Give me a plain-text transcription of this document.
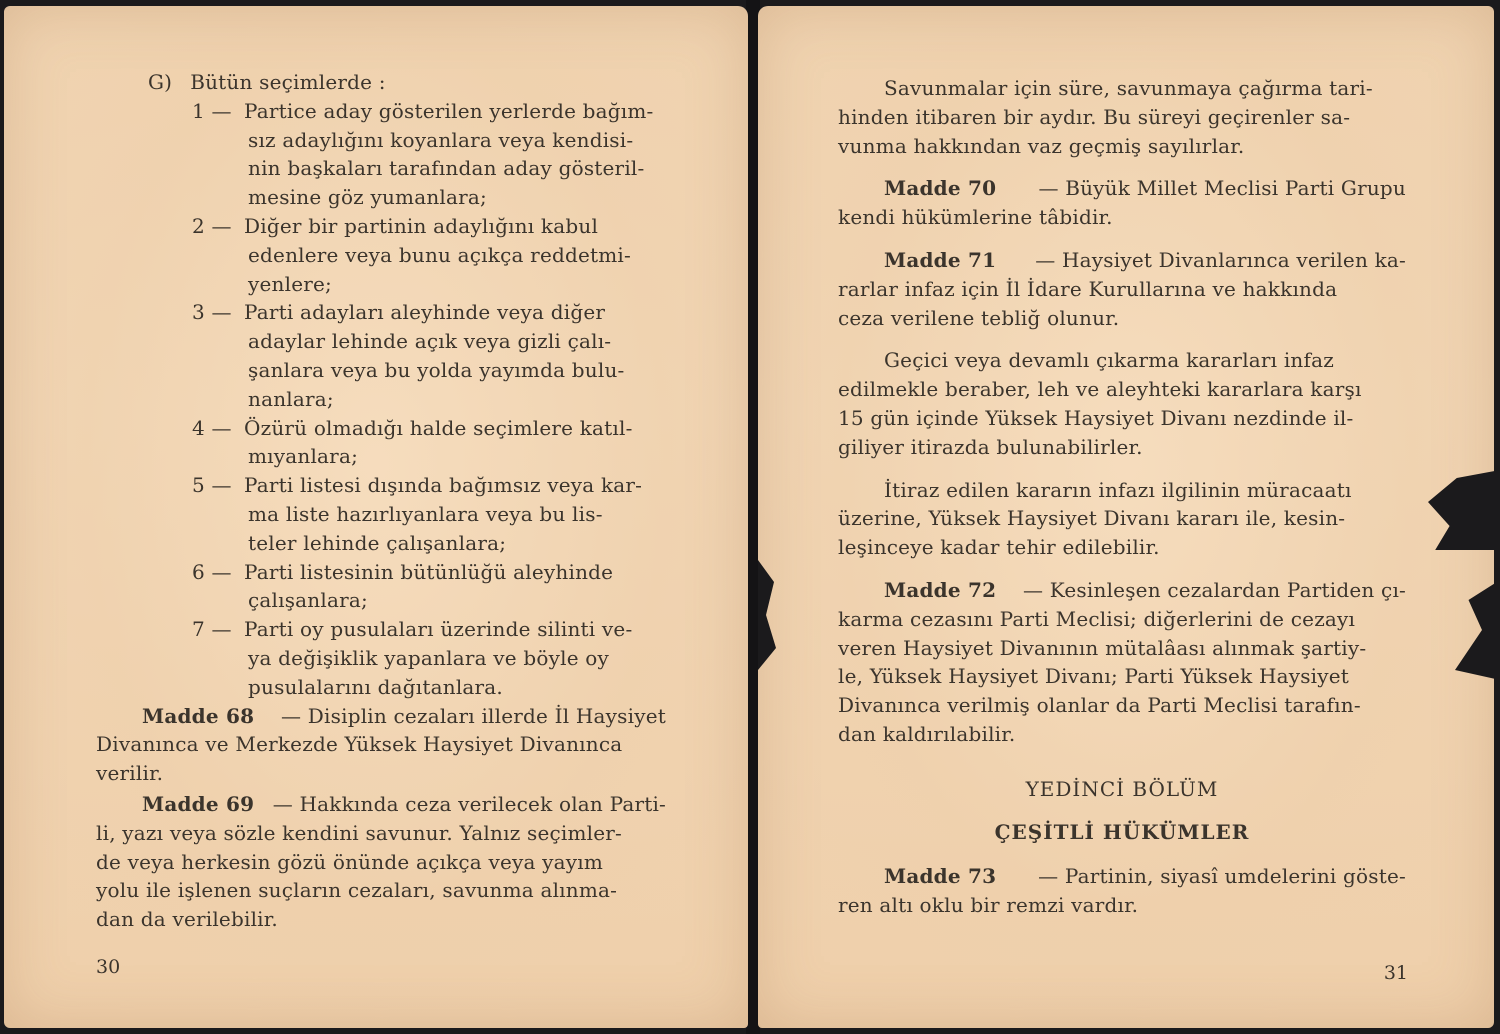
G) Bütün seçimlerde :
1 — Partice aday gösterilen yerlerde bağım-
sız adaylığını koyanlara veya kendisi-
nin başkaları tarafından aday gösteril-
mesine göz yumanlara;
2 — Diğer bir partinin adaylığını kabul
edenlere veya bunu açıkça reddetmi-
yenlere;
3 — Parti adayları aleyhinde veya diğer
adaylar lehinde açık veya gizli çalı-
şanlara veya bu yolda yayımda bulu-
nanlara;
4 — Özürü olmadığı halde seçimlere katıl-
mıyanlara;
5 — Parti listesi dışında bağımsız veya kar-
ma liste hazırlıyanlara veya bu lis-
teler lehinde çalışanlara;
6 — Parti listesinin bütünlüğü aleyhinde
çalışanlara;
7 — Parti oy pusulaları üzerinde silinti ve-
ya değişiklik yapanlara ve böyle oy
pusulalarını dağıtanlara.
Madde 68	— Disiplin cezaları illerde İl Haysiyet
Divanınca ve Merkezde Yüksek Haysiyet Divanınca
verilir.
Madde 69 — Hakkında ceza verilecek olan Parti-
li, yazı veya sözle kendini savunur. Yalnız seçimler-
de veya herkesin gözü önünde açıkça veya yayım
yolu ile işlenen suçların cezaları, savunma alınma-
dan da verilebilir.
30
Savunmalar için süre, savunmaya çağırma tari-
hinden itibaren bir aydır. Bu süreyi geçirenler sa-
vunma hakkından vaz geçmiş sayılırlar.
Madde 70	— Büyük Millet Meclisi Parti Grupu
kendi hükümlerine tâbidir.
Madde 71	— Haysiyet Divanlarınca verilen ka-
rarlar infaz için İl İdare Kurullarına ve hakkında
ceza verilene tebliğ olunur.
Geçici veya devamlı çıkarma kararları infaz
edilmekle beraber, leh ve aleyhteki kararlara karşı
15 gün içinde Yüksek Haysiyet Divanı nezdinde il-
giliyer itirazda bulunabilirler.
İtiraz edilen kararın infazı ilgilinin müracaatı
üzerine, Yüksek Haysiyet Divanı kararı ile, kesin-
leşinceye kadar tehir edilebilir.
Madde 72	— Kesinleşen cezalardan Partiden çı-
karma cezasını Parti Meclisi; diğerlerini de cezayı
veren Haysiyet Divanının mütalâası alınmak şartiy-
le, Yüksek Haysiyet Divanı; Parti Yüksek Haysiyet
Divanınca verilmiş olanlar da Parti Meclisi tarafın-
dan kaldırılabilir.
YEDİNCİ BÖLÜM
ÇEŞİTLİ HÜKÜMLER
Madde 73	— Partinin, siyasî umdelerini göste-
ren altı oklu bir remzi vardır.
31
